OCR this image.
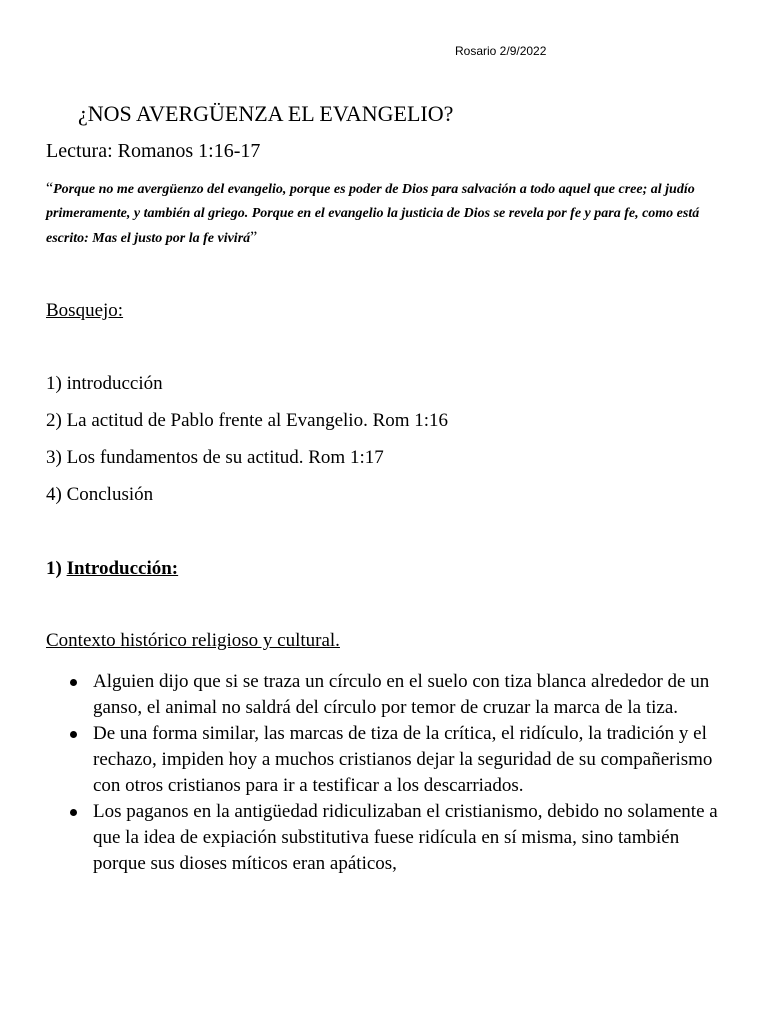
Rosario 2/9/2022
¿NOS AVERGÜENZA EL EVANGELIO?
Lectura: Romanos 1:16-17
“Porque no me avergüenzo del evangelio, porque es poder de Dios para salvación a todo aquel que cree; al judío primeramente, y también al griego. Porque en el evangelio la justicia de Dios se revela por fe y para fe, como está escrito: Mas el justo por la fe vivirá”
Bosquejo:
1) introducción
2) La actitud de Pablo frente al Evangelio. Rom 1:16
3) Los fundamentos de su actitud. Rom 1:17
4) Conclusión
1) Introducción:
Contexto histórico religioso y cultural.
Alguien dijo que si se traza un círculo en el suelo con tiza blanca alrededor de un ganso, el animal no saldrá del círculo por temor de cruzar la marca de la tiza.
De una forma similar, las marcas de tiza de la crítica, el ridículo, la tradición y el rechazo, impiden hoy a muchos cristianos dejar la seguridad de su compañerismo con otros cristianos para ir a testificar a los descarriados.
Los paganos en la antigüedad ridiculizaban el cristianismo, debido no solamente a que la idea de expiación substitutiva fuese ridícula en sí misma, sino también porque sus dioses míticos eran apáticos,
